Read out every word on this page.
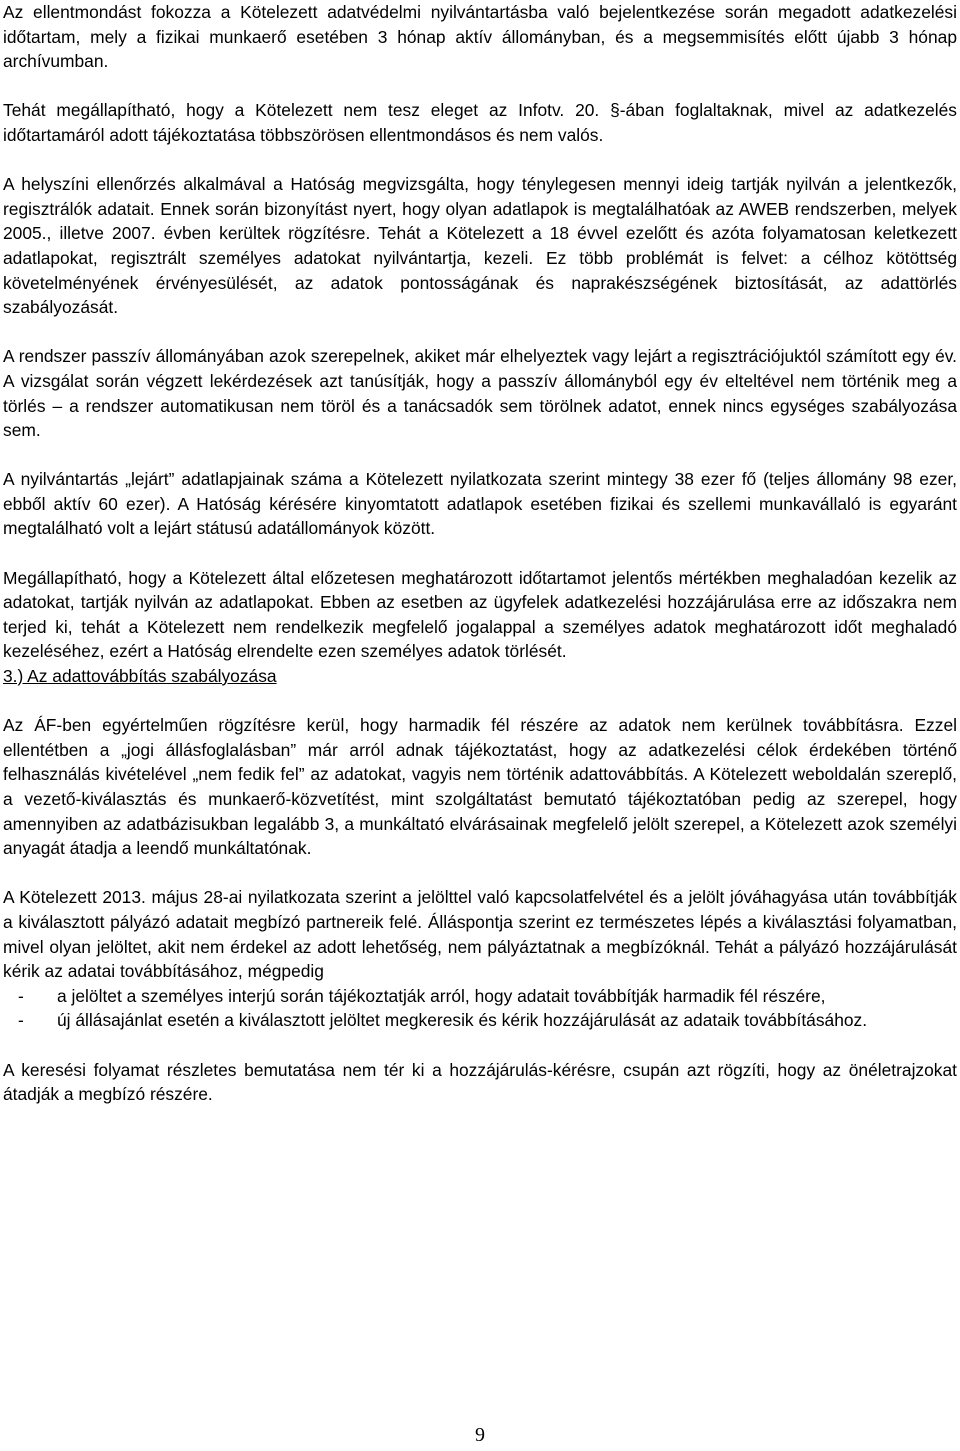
Az ellentmondást fokozza a Kötelezett adatvédelmi nyilvántartásba való bejelentkezése során megadott adatkezelési időtartam, mely a fizikai munkaerő esetében 3 hónap aktív állományban, és a megsemmisítés előtt újabb 3 hónap archívumban.

Tehát megállapítható, hogy a Kötelezett nem tesz eleget az Infotv. 20. §-ában foglaltaknak, mivel az adatkezelés időtartamáról adott tájékoztatása többszörösen ellentmondásos és nem valós.

A helyszíni ellenőrzés alkalmával a Hatóság megvizsgálta, hogy ténylegesen mennyi ideig tartják nyilván a jelentkezők, regisztrálók adatait. Ennek során bizonyítást nyert, hogy olyan adatlapok is megtalálhatóak az AWEB rendszerben, melyek 2005., illetve 2007. évben kerültek rögzítésre. Tehát a Kötelezett a 18 évvel ezelőtt és azóta folyamatosan keletkezett adatlapokat, regisztrált személyes adatokat nyilvántartja, kezeli. Ez több problémát is felvet: a célhoz kötöttség követelményének érvényesülését, az adatok pontosságának és naprakészségének biztosítását, az adattörlés szabályozását.

A rendszer passzív állományában azok szerepelnek, akiket már elhelyeztek vagy lejárt a regisztrációjuktól számított egy év. A vizsgálat során végzett lekérdezések azt tanúsítják, hogy a passzív állományból egy év elteltével nem történik meg a törlés – a rendszer automatikusan nem töröl és a tanácsadók sem törölnek adatot, ennek nincs egységes szabályozása sem.

A nyilvántartás „lejárt” adatlapjainak száma a Kötelezett nyilatkozata szerint mintegy 38 ezer fő (teljes állomány 98 ezer, ebből aktív 60 ezer). A Hatóság kérésére kinyomtatott adatlapok esetében fizikai és szellemi munkavállaló is egyaránt megtalálható volt a lejárt státusú adatállományok között.

Megállapítható, hogy a Kötelezett által előzetesen meghatározott időtartamot jelentős mértékben meghaladóan kezelik az adatokat, tartják nyilván az adatlapokat. Ebben az esetben az ügyfelek adatkezelési hozzájárulása erre az időszakra nem terjed ki, tehát a Kötelezett nem rendelkezik megfelelő jogalappal a személyes adatok meghatározott időt meghaladó kezeléséhez, ezért a Hatóság elrendelte ezen személyes adatok törlését.

3.) Az adattovábbítás szabályozása

Az ÁF-ben egyértelműen rögzítésre kerül, hogy harmadik fél részére az adatok nem kerülnek továbbításra. Ezzel ellentétben a „jogi állásfoglalásban” már arról adnak tájékoztatást, hogy az adatkezelési célok érdekében történő felhasználás kivételével „nem fedik fel” az adatokat, vagyis nem történik adattovábbítás. A Kötelezett weboldalán szereplő, a vezető-kiválasztás és munkaerő-közvetítést, mint szolgáltatást bemutató tájékoztatóban pedig az szerepel, hogy amennyiben az adatbázisukban legalább 3, a munkáltató elvárásainak megfelelő jelölt szerepel, a Kötelezett azok személyi anyagát átadja a leendő munkáltatónak.

A Kötelezett 2013. május 28-ai nyilatkozata szerint a jelölttel való kapcsolatfelvétel és a jelölt jóváhagyása után továbbítják a kiválasztott pályázó adatait megbízó partnereik felé. Álláspontja szerint ez természetes lépés a kiválasztási folyamatban, mivel olyan jelöltet, akit nem érdekel az adott lehetőség, nem pályáztatnak a megbízóknál. Tehát a pályázó hozzájárulását kérik az adatai továbbításához, mégpedig

- a jelöltet a személyes interjú során tájékoztatják arról, hogy adatait továbbítják harmadik fél részére,
- új állásajánlat esetén a kiválasztott jelöltet megkeresik és kérik hozzájárulását az adataik továbbításához.

A keresési folyamat részletes bemutatása nem tér ki a hozzájárulás-kérésre, csupán azt rögzíti, hogy az önéletrajzokat átadják a megbízó részére.

9
